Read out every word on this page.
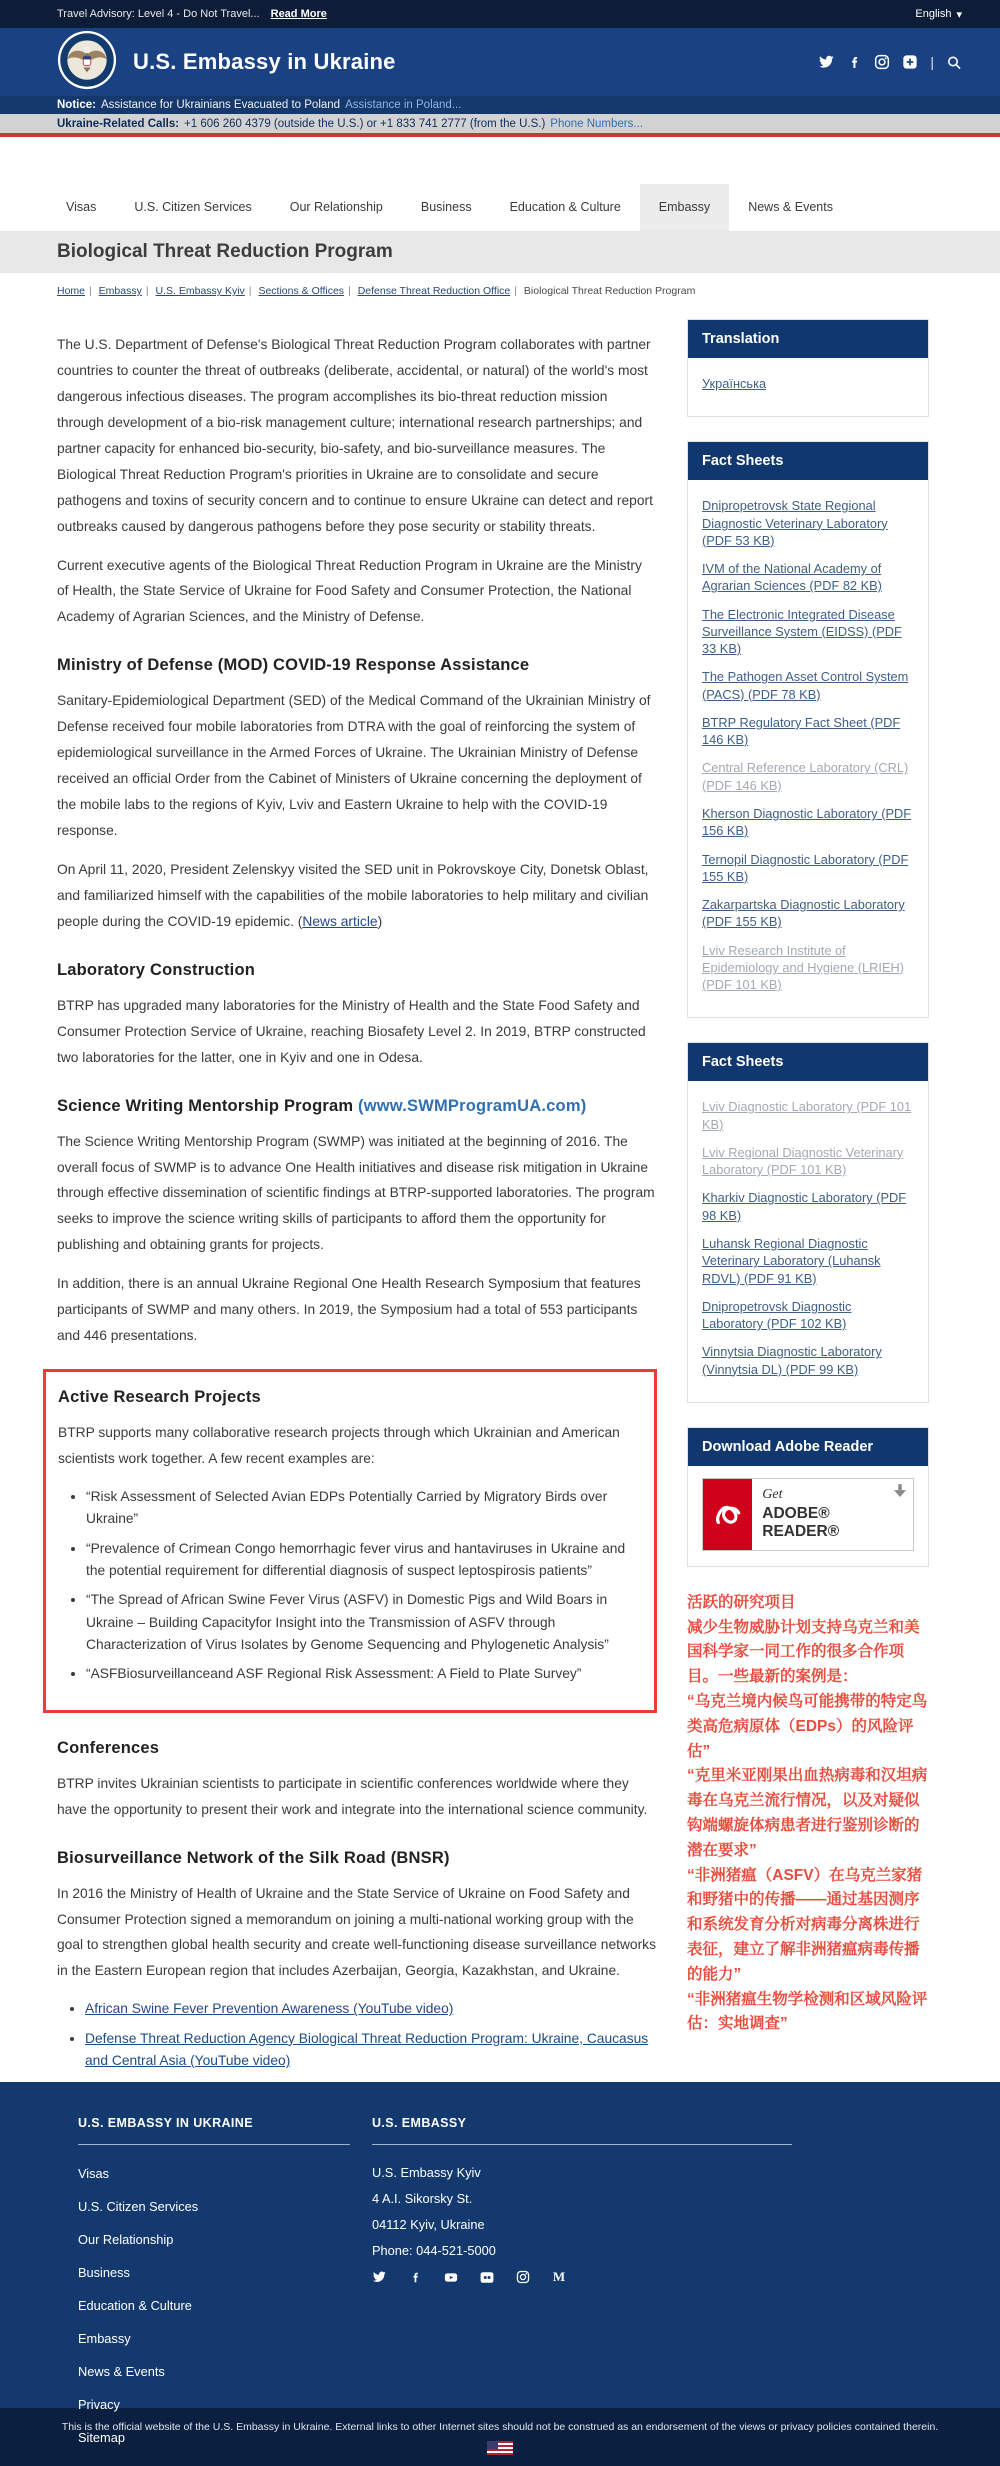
Travel Advisory: Level 4 - Do Not Travel... Read More	English ▾
U.S. Embassy in Ukraine	|
Notice: Assistance for Ukrainians Evacuated to Poland Assistance in Poland...
Ukraine-Related Calls: +1 606 260 4379 (outside the U.S.) or +1 833 741 2777 (from the U.S.) Phone Numbers...
Visas	U.S. Citizen Services	Our Relationship	Business	Education & Culture	Embassy	News & Events
Biological Threat Reduction Program
Home | Embassy | U.S. Embassy Kyiv | Sections & Offices | Defense Threat Reduction Office | Biological Threat Reduction Program

The U.S. Department of Defense's Biological Threat Reduction Program collaborates with partner countries to counter the threat of outbreaks (deliberate, accidental, or natural) of the world's most dangerous infectious diseases. The program accomplishes its bio-threat reduction mission through development of a bio-risk management culture; international research partnerships; and partner capacity for enhanced bio-security, bio-safety, and bio-surveillance measures. The Biological Threat Reduction Program's priorities in Ukraine are to consolidate and secure pathogens and toxins of security concern and to continue to ensure Ukraine can detect and report outbreaks caused by dangerous pathogens before they pose security or stability threats.

Current executive agents of the Biological Threat Reduction Program in Ukraine are the Ministry of Health, the State Service of Ukraine for Food Safety and Consumer Protection, the National Academy of Agrarian Sciences, and the Ministry of Defense.

Ministry of Defense (MOD) COVID-19 Response Assistance

Sanitary-Epidemiological Department (SED) of the Medical Command of the Ukrainian Ministry of Defense received four mobile laboratories from DTRA with the goal of reinforcing the system of epidemiological surveillance in the Armed Forces of Ukraine. The Ukrainian Ministry of Defense received an official Order from the Cabinet of Ministers of Ukraine concerning the deployment of the mobile labs to the regions of Kyiv, Lviv and Eastern Ukraine to help with the COVID-19 response.

On April 11, 2020, President Zelenskyy visited the SED unit in Pokrovskoye City, Donetsk Oblast, and familiarized himself with the capabilities of the mobile laboratories to help military and civilian people during the COVID-19 epidemic. (News article)

Laboratory Construction

BTRP has upgraded many laboratories for the Ministry of Health and the State Food Safety and Consumer Protection Service of Ukraine, reaching Biosafety Level 2. In 2019, BTRP constructed two laboratories for the latter, one in Kyiv and one in Odesa.

Science Writing Mentorship Program (www.SWMProgramUA.com)

The Science Writing Mentorship Program (SWMP) was initiated at the beginning of 2016. The overall focus of SWMP is to advance One Health initiatives and disease risk mitigation in Ukraine through effective dissemination of scientific findings at BTRP-supported laboratories. The program seeks to improve the science writing skills of participants to afford them the opportunity for publishing and obtaining grants for projects.

In addition, there is an annual Ukraine Regional One Health Research Symposium that features participants of SWMP and many others. In 2019, the Symposium had a total of 553 participants and 446 presentations.

Active Research Projects

BTRP supports many collaborative research projects through which Ukrainian and American scientists work together. A few recent examples are:

• “Risk Assessment of Selected Avian EDPs Potentially Carried by Migratory Birds over Ukraine”
• “Prevalence of Crimean Congo hemorrhagic fever virus and hantaviruses in Ukraine and the potential requirement for differential diagnosis of suspect leptospirosis patients”
• “The Spread of African Swine Fever Virus (ASFV) in Domestic Pigs and Wild Boars in Ukraine – Building Capacityfor Insight into the Transmission of ASFV through Characterization of Virus Isolates by Genome Sequencing and Phylogenetic Analysis”
• “ASFBiosurveillanceand ASF Regional Risk Assessment: A Field to Plate Survey”
Conferences

BTRP invites Ukrainian scientists to participate in scientific conferences worldwide where they have the opportunity to present their work and integrate into the international science community.

Biosurveillance Network of the Silk Road (BNSR)

In 2016 the Ministry of Health of Ukraine and the State Service of Ukraine on Food Safety and Consumer Protection signed a memorandum on joining a multi-national working group with the goal to strengthen global health security and create well-functioning disease surveillance networks in the Eastern European region that includes Azerbaijan, Georgia, Kazakhstan, and Ukraine.

• African Swine Fever Prevention Awareness (YouTube video)
• Defense Threat Reduction Agency Biological Threat Reduction Program: Ukraine, Caucasus and Central Asia (YouTube video)
Translation
Українська
Fact Sheets
Dnipropetrovsk State Regional Diagnostic Veterinary Laboratory (PDF 53 KB)
IVM of the National Academy of Agrarian Sciences (PDF 82 KB)
The Electronic Integrated Disease Surveillance System (EIDSS) (PDF 33 KB)
The Pathogen Asset Control System (PACS) (PDF 78 KB)
BTRP Regulatory Fact Sheet (PDF 146 KB)
Central Reference Laboratory (CRL) (PDF 146 KB)
Kherson Diagnostic Laboratory (PDF 156 KB)
Ternopil Diagnostic Laboratory (PDF 155 KB)
Zakarpartska Diagnostic Laboratory (PDF 155 KB)
Lviv Research Institute of Epidemiology and Hygiene (LRIEH) (PDF 101 KB)
Fact Sheets
Lviv Diagnostic Laboratory (PDF 101 KB)
Lviv Regional Diagnostic Veterinary Laboratory (PDF 101 KB)
Kharkiv Diagnostic Laboratory (PDF 98 KB)
Luhansk Regional Diagnostic Veterinary Laboratory (Luhansk RDVL) (PDF 91 KB)
Dnipropetrovsk Diagnostic Laboratory (PDF 102 KB)
Vinnytsia Diagnostic Laboratory (Vinnytsia DL) (PDF 99 KB)
Download Adobe Reader
Get
ADOBE® READER®
活跃的研究项目
减少生物威胁计划支持乌克兰和美国科学家一同工作的很多合作项目。一些最新的案例是：
“乌克兰境内候鸟可能携带的特定鸟类高危病原体（EDPs）的风险评估”
“克里米亚刚果出血热病毒和汉坦病毒在乌克兰流行情况，以及对疑似钩端螺旋体病患者进行鉴别诊断的潜在要求”
“非洲猪瘟（ASFV）在乌克兰家猪和野猪中的传播——通过基因测序和系统发育分析对病毒分离株进行表征，建立了解非洲猪瘟病毒传播的能力”
“非洲猪瘟生物学检测和区域风险评估：实地调查”
U.S. EMBASSY IN UKRAINE
Visas
U.S. Citizen Services
Our Relationship
Business
Education & Culture
Embassy
News & Events
Privacy
Sitemap
U.S. EMBASSY
U.S. Embassy Kyiv
4 A.I. Sikorsky St.
04112 Kyiv, Ukraine
Phone: 044-521-5000
M
This is the official website of the U.S. Embassy in Ukraine. External links to other Internet sites should not be construed as an endorsement of the views or privacy policies contained therein.
